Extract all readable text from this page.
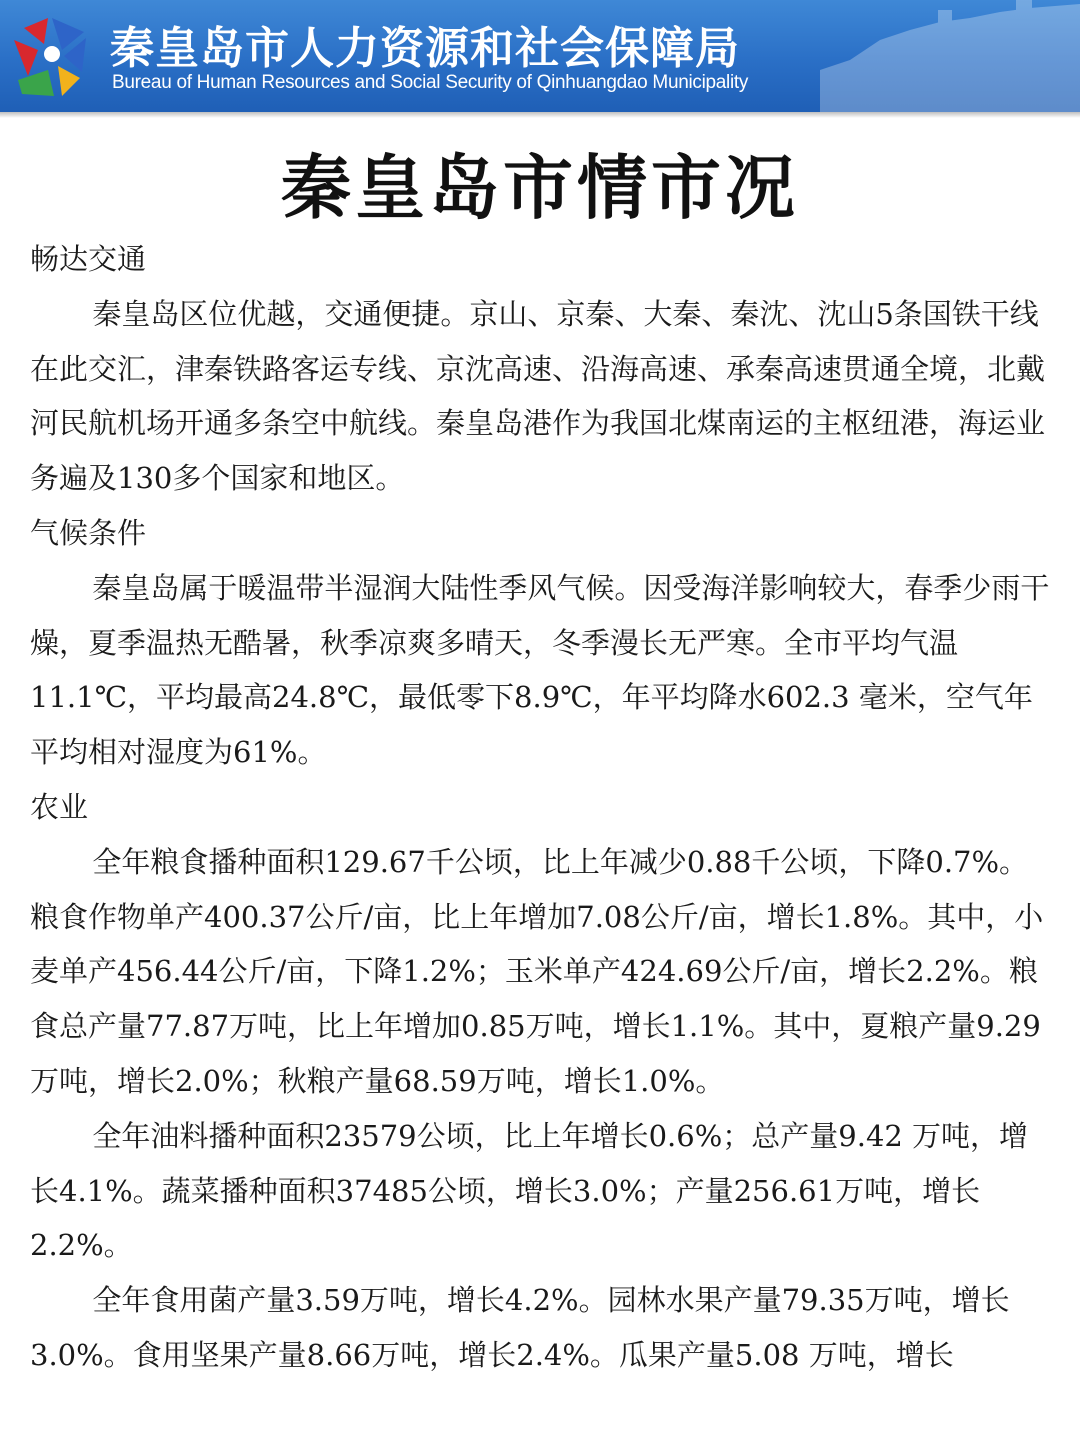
秦皇岛市人力资源和社会保障局
Bureau of Human Resources and Social Security of Qinhuangdao Municipality
秦皇岛市情市况

畅达交通

秦皇岛区位优越，交通便捷。京山、京秦、大秦、秦沈、沈山5条国铁干线在此交汇，津秦铁路客运专线、京沈高速、沿海高速、承秦高速贯通全境，北戴河民航机场开通多条空中航线。秦皇岛港作为我国北煤南运的主枢纽港，海运业务遍及130多个国家和地区。

气候条件

秦皇岛属于暖温带半湿润大陆性季风气候。因受海洋影响较大，春季少雨干燥，夏季温热无酷暑，秋季凉爽多晴天，冬季漫长无严寒。全市平均气温11.1℃，平均最高24.8℃，最低零下8.9℃，年平均降水602.3 毫米，空气年平均相对湿度为61%。

农业

全年粮食播种面积129.67千公顷，比上年减少0.88千公顷，下降0.7%。粮食作物单产400.37公斤/亩，比上年增加7.08公斤/亩，增长1.8%。其中，小麦单产456.44公斤/亩，下降1.2%；玉米单产424.69公斤/亩，增长2.2%。粮食总产量77.87万吨，比上年增加0.85万吨，增长1.1%。其中，夏粮产量9.29万吨，增长2.0%；秋粮产量68.59万吨，增长1.0%。

全年油料播种面积23579公顷，比上年增长0.6%；总产量9.42 万吨，增长4.1%。蔬菜播种面积37485公顷，增长3.0%；产量256.61万吨，增长2.2%。

全年食用菌产量3.59万吨，增长4.2%。园林水果产量79.35万吨，增长3.0%。食用坚果产量8.66万吨，增长2.4%。瓜果产量5.08 万吨，增长
